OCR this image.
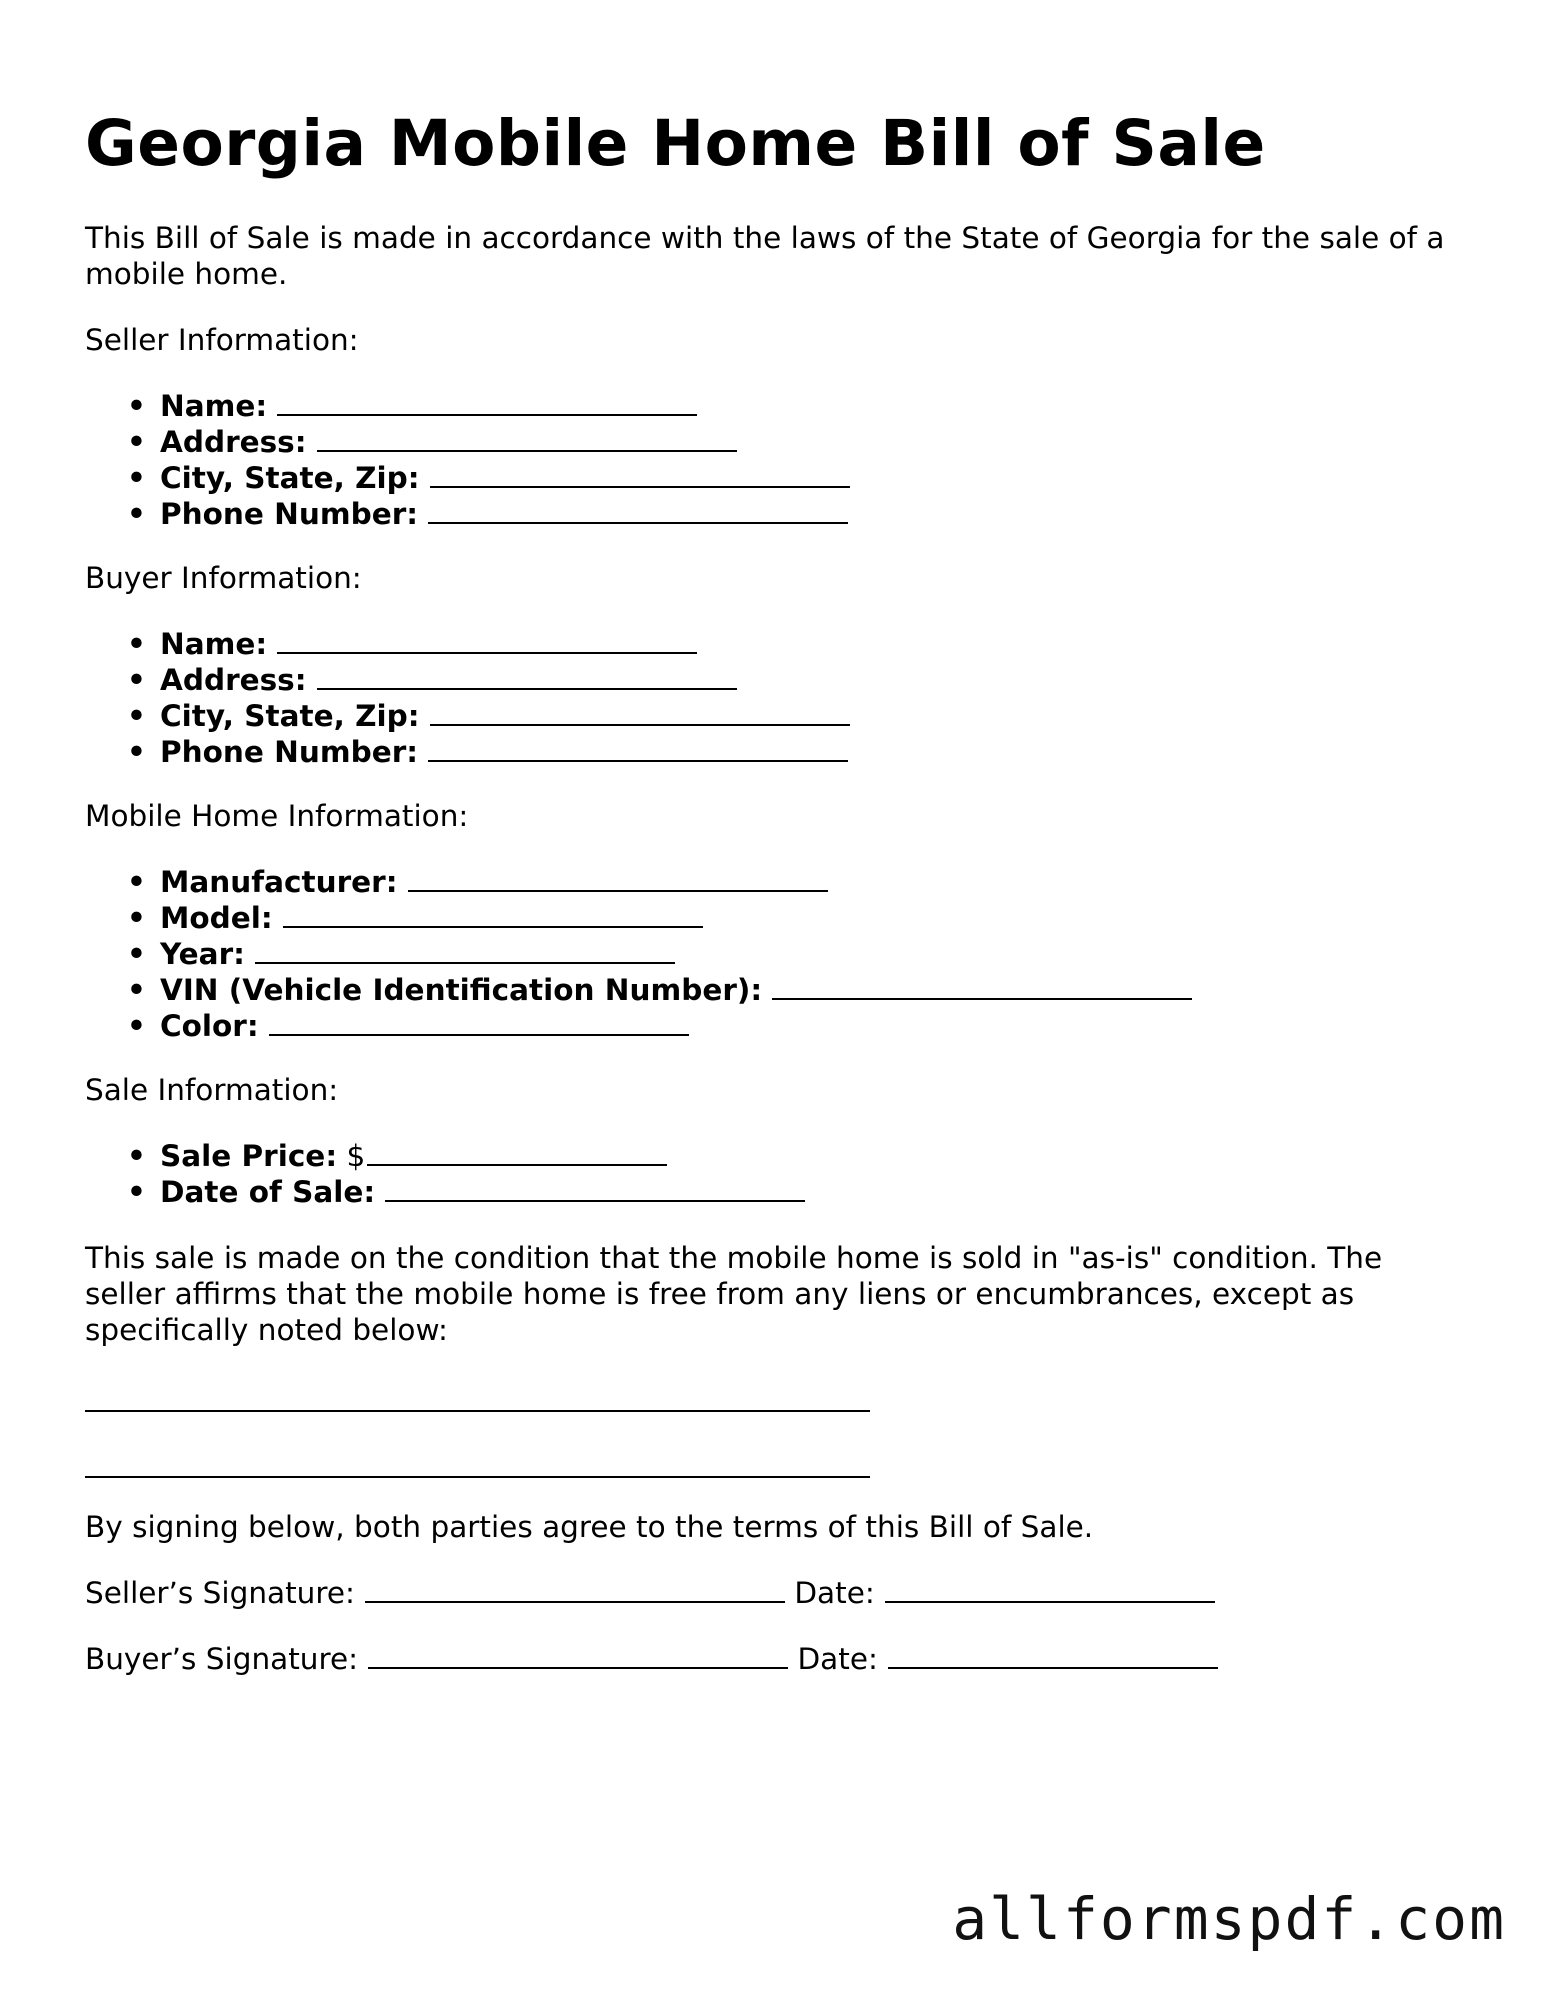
Georgia Mobile Home Bill of Sale

This Bill of Sale is made in accordance with the laws of the State of Georgia for the sale of a mobile home.

Seller Information:

• Name:
• Address:
• City, State, Zip:
• Phone Number:

Buyer Information:

• Name:
• Address:
• City, State, Zip:
• Phone Number:

Mobile Home Information:

• Manufacturer:
• Model:
• Year:
• VIN (Vehicle Identification Number):
• Color:

Sale Information:

• Sale Price: $
• Date of Sale:

This sale is made on the condition that the mobile home is sold in "as-is" condition. The seller affirms that the mobile home is free from any liens or encumbrances, except as specifically noted below:

By signing below, both parties agree to the terms of this Bill of Sale.

Seller’s Signature:	Date:
Buyer’s Signature:	Date:
allformspdf.com
